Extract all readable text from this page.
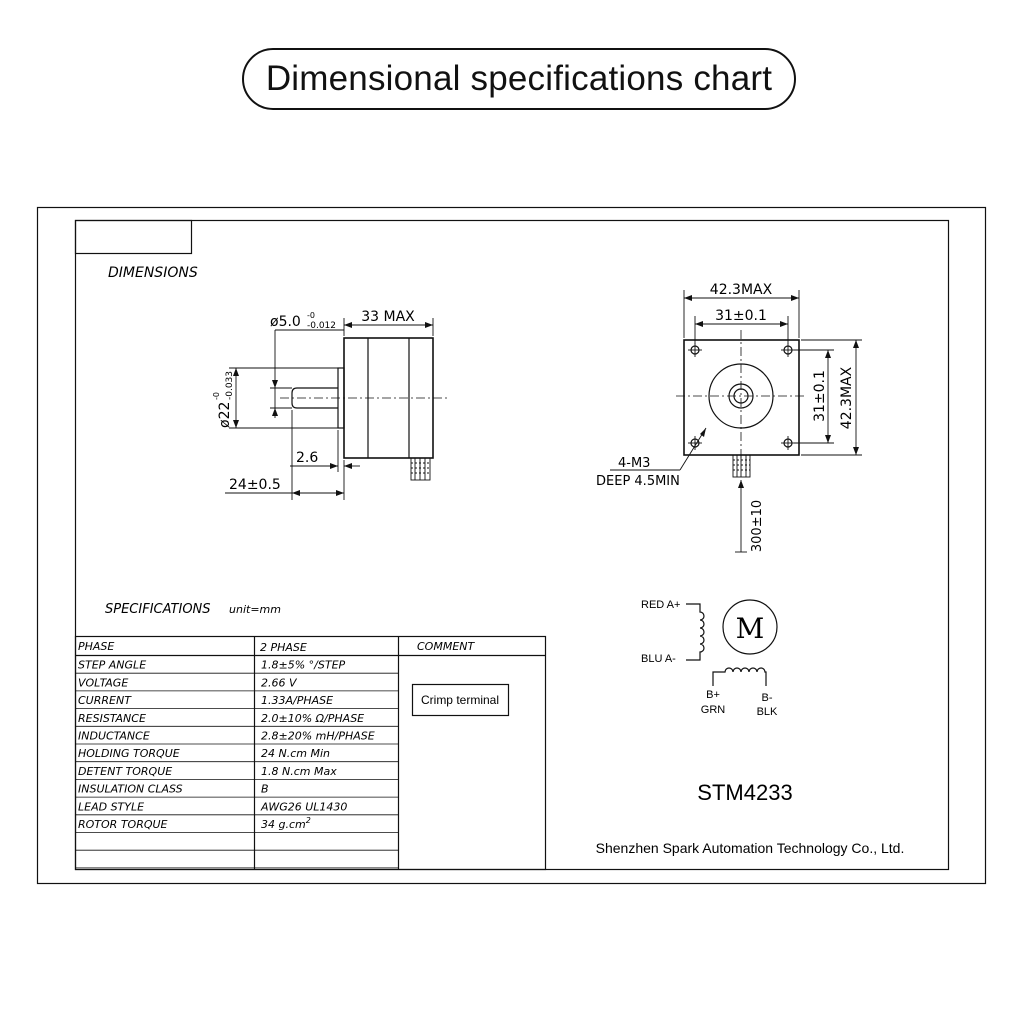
Dimensional specifications chart
DIMENSIONS
33 MAX
ø5.0 -0
-0.012
ø22
-0 -0.033
2.6
24±0.5
42.3MAX
31±0.1
31±0.1 42.3MAX
4-M3
DEEP 4.5MIN
300±10
SPECIFICATIONS unit=mm
PHASE	2 PHASE	COMMENT
STEP ANGLE	1.8±5% °/STEP
VOLTAGE	2.66 V
CURRENT	1.33A/PHASE
RESISTANCE	2.0±10% Ω/PHASE
INDUCTANCE	2.8±20% mH/PHASE
HOLDING TORQUE	24 N.cm Min
DETENT TORQUE	1.8 N.cm Max
INSULATION CLASS	B
LEAD STYLE	AWG26 UL1430
ROTOR TORQUE	34 $g.cm^2$
Crimp terminal
M
RED A+
BLU A-
B+
GRN
B-
BLK
STM4233
Shenzhen Spark Automation Technology Co., Ltd.
